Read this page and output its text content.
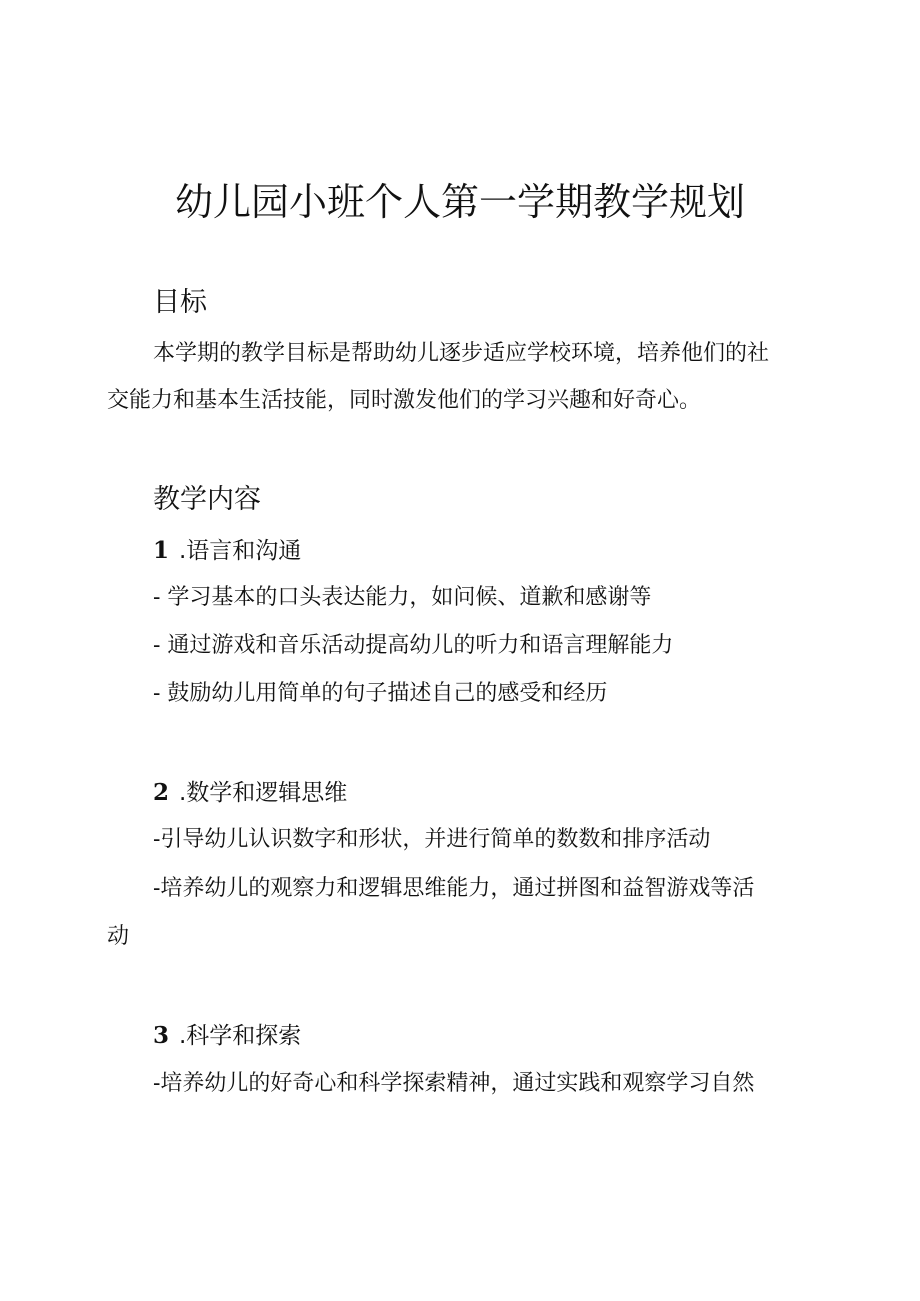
幼儿园小班个人第一学期教学规划
目标

本学期的教学目标是帮助幼儿逐步适应学校环境，培养他们的社

交能力和基本生活技能，同时激发他们的学习兴趣和好奇心。

教学内容
1 .语言和沟通

- 学习基本的口头表达能力，如问候、道歉和感谢等

- 通过游戏和音乐活动提高幼儿的听力和语言理解能力

- 鼓励幼儿用简单的句子描述自己的感受和经历

2 .数学和逻辑思维

-引导幼儿认识数字和形状，并进行简单的数数和排序活动

-培养幼儿的观察力和逻辑思维能力，通过拼图和益智游戏等活

动

3 .科学和探索

-培养幼儿的好奇心和科学探索精神，通过实践和观察学习自然
